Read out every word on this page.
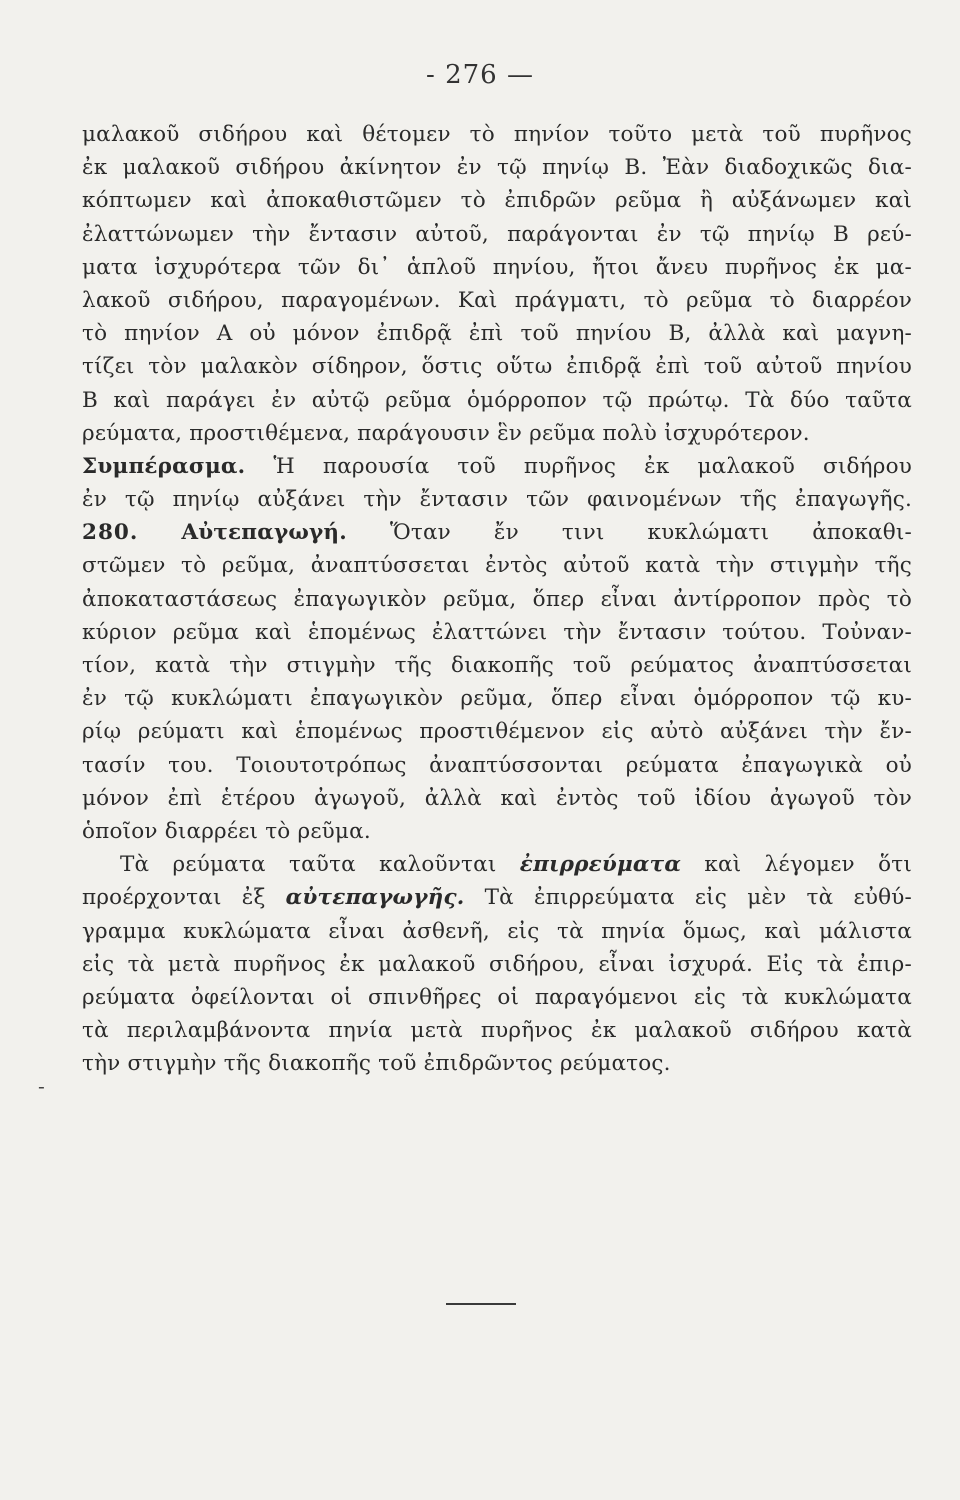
- 276 —
-
μαλακοῦ σιδήρου καὶ θέτομεν τὸ πηνίον τοῦτο μετὰ τοῦ πυρῆνος
ἐκ μαλακοῦ σιδήρου ἀκίνητον ἐν τῷ πηνίῳ Β. Ἐὰν διαδοχικῶς δια-
κόπτωμεν καὶ ἀποκαθιστῶμεν τὸ ἐπιδρῶν ρεῦμα ἢ αὐξάνωμεν καὶ
ἐλαττώνωμεν τὴν ἔντασιν αὐτοῦ, παράγονται ἐν τῷ πηνίῳ Β ρεύ-
ματα ἰσχυρότερα τῶν δι᾽ ἁπλοῦ πηνίου, ἤτοι ἄνευ πυρῆνος ἐκ μα-
λακοῦ σιδήρου, παραγομένων. Καὶ πράγματι, τὸ ρεῦμα τὸ διαρρέον
τὸ πηνίον Α οὐ μόνον ἐπιδρᾷ ἐπὶ τοῦ πηνίου Β, ἀλλὰ καὶ μαγνη-
τίζει τὸν μαλακὸν σίδηρον, ὅστις οὕτω ἐπιδρᾷ ἐπὶ τοῦ αὐτοῦ πηνίου
Β καὶ παράγει ἐν αὐτῷ ρεῦμα ὁμόρροπον τῷ πρώτῳ. Τὰ δύο ταῦτα
ρεύματα, προστιθέμενα, παράγουσιν ἓν ρεῦμα πολὺ ἰσχυρότερον.
Συμπέρασμα. Ἡ παρουσία τοῦ πυρῆνος ἐκ μαλακοῦ σιδήρου
ἐν τῷ πηνίῳ αὐξάνει τὴν ἔντασιν τῶν φαινομένων τῆς ἐπαγωγῆς.
280. Αὐτεπαγωγή. Ὅταν ἔν τινι κυκλώματι ἀποκαθι-
στῶμεν τὸ ρεῦμα, ἀναπτύσσεται ἐντὸς αὐτοῦ κατὰ τὴν στιγμὴν τῆς
ἀποκαταστάσεως ἐπαγωγικὸν ρεῦμα, ὅπερ εἶναι ἀντίρροπον πρὸς τὸ
κύριον ρεῦμα καὶ ἑπομένως ἐλαττώνει τὴν ἔντασιν τούτου. Τοὐναν-
τίον, κατὰ τὴν στιγμὴν τῆς διακοπῆς τοῦ ρεύματος ἀναπτύσσεται
ἐν τῷ κυκλώματι ἐπαγωγικὸν ρεῦμα, ὅπερ εἶναι ὁμόρροπον τῷ κυ-
ρίῳ ρεύματι καὶ ἑπομένως προστιθέμενον εἰς αὐτὸ αὐξάνει τὴν ἔν-
τασίν του. Τοιουτοτρόπως ἀναπτύσσονται ρεύματα ἐπαγωγικὰ οὐ
μόνον ἐπὶ ἑτέρου ἀγωγοῦ, ἀλλὰ καὶ ἐντὸς τοῦ ἰδίου ἀγωγοῦ τὸν
ὁποῖον διαρρέει τὸ ρεῦμα.
Τὰ ρεύματα ταῦτα καλοῦνται ἐπιρρεύματα καὶ λέγομεν ὅτι
προέρχονται ἐξ αὐτεπαγωγῆς. Τὰ ἐπιρρεύματα εἰς μὲν τὰ εὐθύ-
γραμμα κυκλώματα εἶναι ἀσθενῆ, εἰς τὰ πηνία ὅμως, καὶ μάλιστα
εἰς τὰ μετὰ πυρῆνος ἐκ μαλακοῦ σιδήρου, εἶναι ἰσχυρά. Εἰς τὰ ἐπιρ-
ρεύματα ὀφείλονται οἱ σπινθῆρες οἱ παραγόμενοι εἰς τὰ κυκλώματα
τὰ περιλαμβάνοντα πηνία μετὰ πυρῆνος ἐκ μαλακοῦ σιδήρου κατὰ
τὴν στιγμὴν τῆς διακοπῆς τοῦ ἐπιδρῶντος ρεύματος.
